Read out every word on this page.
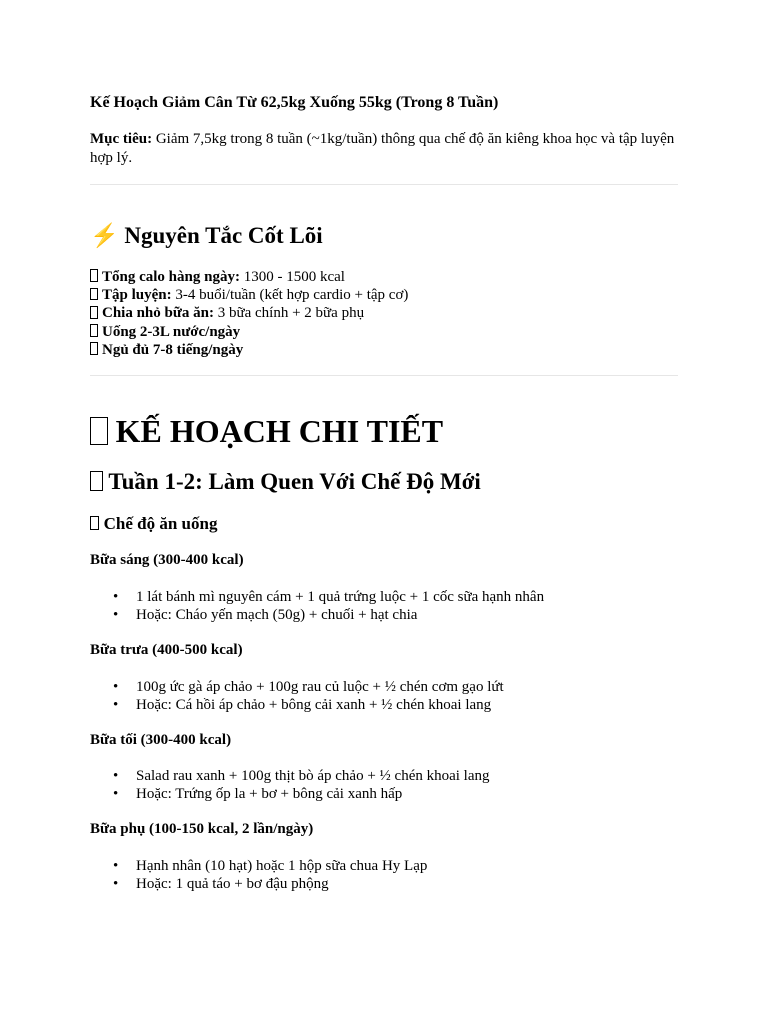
Kế Hoạch Giảm Cân Từ 62,5kg Xuống 55kg (Trong 8 Tuần)
Mục tiêu: Giảm 7,5kg trong 8 tuần (~1kg/tuần) thông qua chế độ ăn kiêng khoa học và tập luyện hợp lý.
⚡ Nguyên Tắc Cốt Lõi
Tổng calo hàng ngày: 1300 - 1500 kcal
Tập luyện: 3-4 buổi/tuần (kết hợp cardio + tập cơ)
Chia nhỏ bữa ăn: 3 bữa chính + 2 bữa phụ
Uống 2-3L nước/ngày
Ngủ đủ 7-8 tiếng/ngày
KẾ HOẠCH CHI TIẾT
Tuần 1-2: Làm Quen Với Chế Độ Mới
Chế độ ăn uống
Bữa sáng (300-400 kcal)
• 1 lát bánh mì nguyên cám + 1 quả trứng luộc + 1 cốc sữa hạnh nhân
• Hoặc: Cháo yến mạch (50g) + chuối + hạt chia
Bữa trưa (400-500 kcal)
• 100g ức gà áp chảo + 100g rau củ luộc + ½ chén cơm gạo lứt
• Hoặc: Cá hồi áp chảo + bông cải xanh + ½ chén khoai lang
Bữa tối (300-400 kcal)
• Salad rau xanh + 100g thịt bò áp chảo + ½ chén khoai lang
• Hoặc: Trứng ốp la + bơ + bông cải xanh hấp
Bữa phụ (100-150 kcal, 2 lần/ngày)
• Hạnh nhân (10 hạt) hoặc 1 hộp sữa chua Hy Lạp
• Hoặc: 1 quả táo + bơ đậu phộng
